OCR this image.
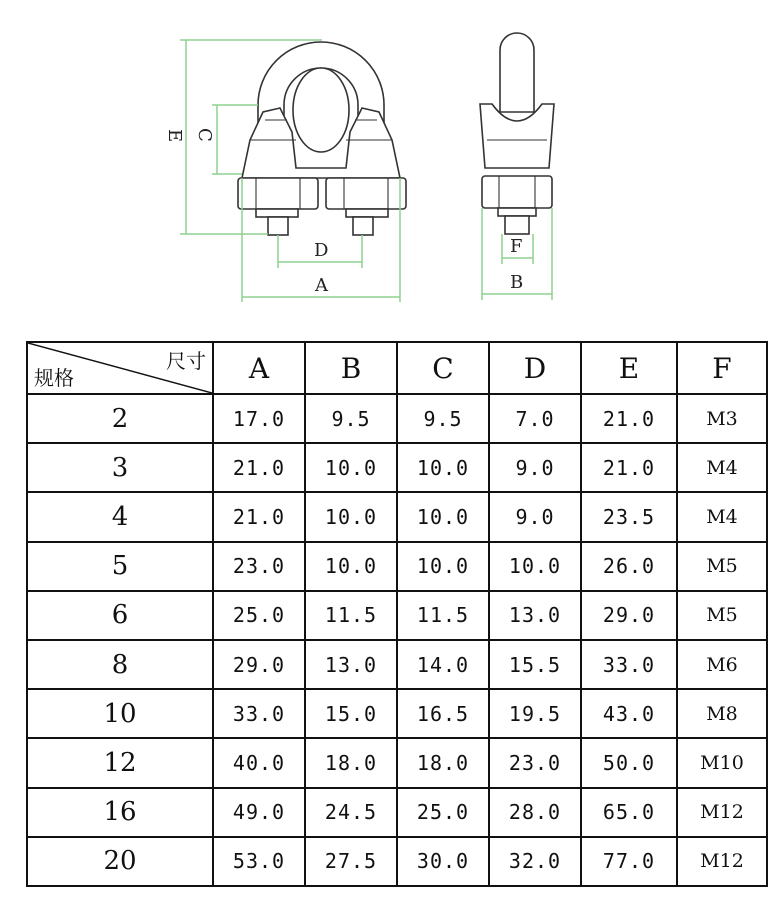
E C
D
A
F
B
尺寸
规格	A	B	C	D	E	F
2	17.0	9.5	9.5	7.0	21.0	M3
3	21.0	10.0	10.0	9.0	21.0	M4
4	21.0	10.0	10.0	9.0	23.5	M4
5	23.0	10.0	10.0	10.0	26.0	M5
6	25.0	11.5	11.5	13.0	29.0	M5
8	29.0	13.0	14.0	15.5	33.0	M6
10	33.0	15.0	16.5	19.5	43.0	M8
12	40.0	18.0	18.0	23.0	50.0	M10
16	49.0	24.5	25.0	28.0	65.0	M12
20	53.0	27.5	30.0	32.0	77.0	M12
